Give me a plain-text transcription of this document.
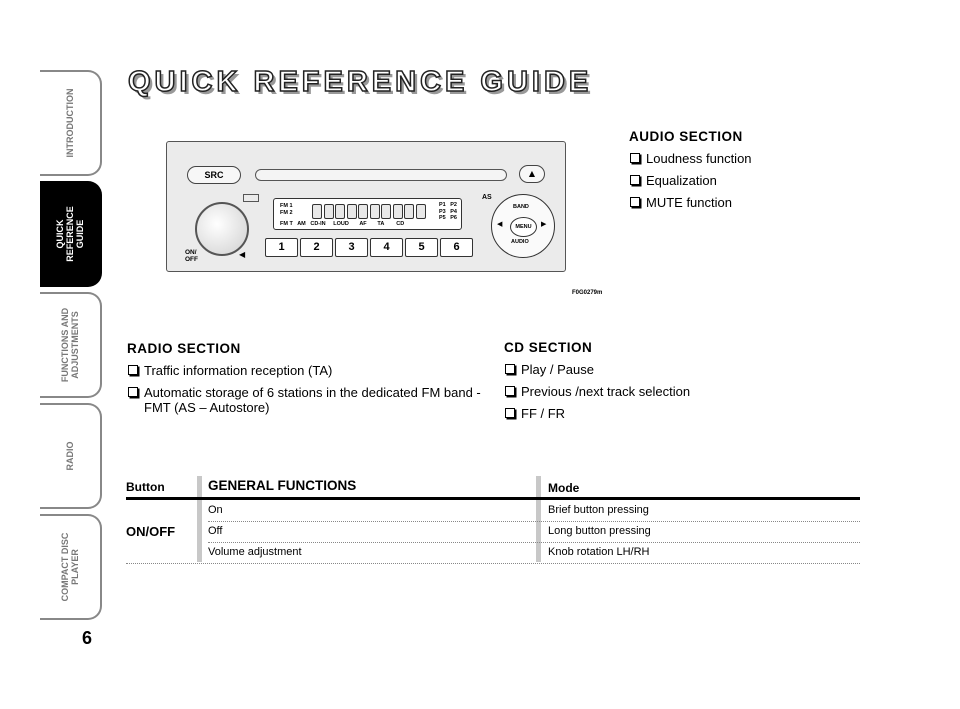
INTRODUCTION
QUICK
REFERENCE
GUIDE
FUNCTIONS AND
ADJUSTMENTS
RADIO
COMPACT DISC
PLAYER
6
QUICK REFERENCE GUIDE
SRC	▲
ON/
OFF
◀
FM 1
FM 2
FM T   AM   CD-IN     LOUD       AF       TA        CD
P1   P2
P3   P4
P5   P6
1	2	3	4	5	6
AS
BAND
◀	MENU	▶
AUDIO
F0G0279m
AUDIO SECTION
Loudness function
Equalization
MUTE function
RADIO SECTION
Traffic information reception (TA)
Automatic storage of 6 stations in the dedicated FM band - FMT (AS – Autostore)
CD SECTION
Play / Pause
Previous /next track selection
FF / FR
Button	GENERAL FUNCTIONS	Mode
ON/OFF
On	Brief button pressing
Off	Long button pressing
Volume adjustment	Knob rotation LH/RH
